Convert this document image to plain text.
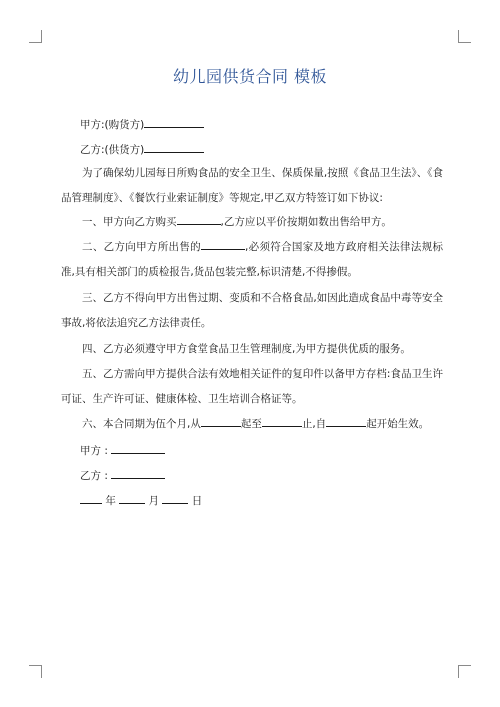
幼儿园供货合同 模板
甲方:(购货方)
乙方:(供货方)
为了确保幼儿园每日所购食品的安全卫生、保质保量,按照《食品卫生法》、《食品管理制度》、《餐饮行业索证制度》等规定,甲乙双方特签订如下协议:
一、甲方向乙方购买	,乙方应以平价按期如数出售给甲方。
二、乙方向甲方所出售的	,必须符合国家及地方政府相关法律法规标准,具有相关部门的质检报告,货品包装完整,标识清楚,不得掺假。
三、乙方不得向甲方出售过期、变质和不合格食品,如因此造成食品中毒等安全事故,将依法追究乙方法律责任。
四、乙方必须遵守甲方食堂食品卫生管理制度,为甲方提供优质的服务。
五、乙方需向甲方提供合法有效地相关证件的复印件以备甲方存档:食品卫生许可证、生产许可证、健康体检、卫生培训合格证等。
六、本合同期为伍个月,从	起至	止,自	起开始生效。
甲方 :
乙方 :
年	月	日
